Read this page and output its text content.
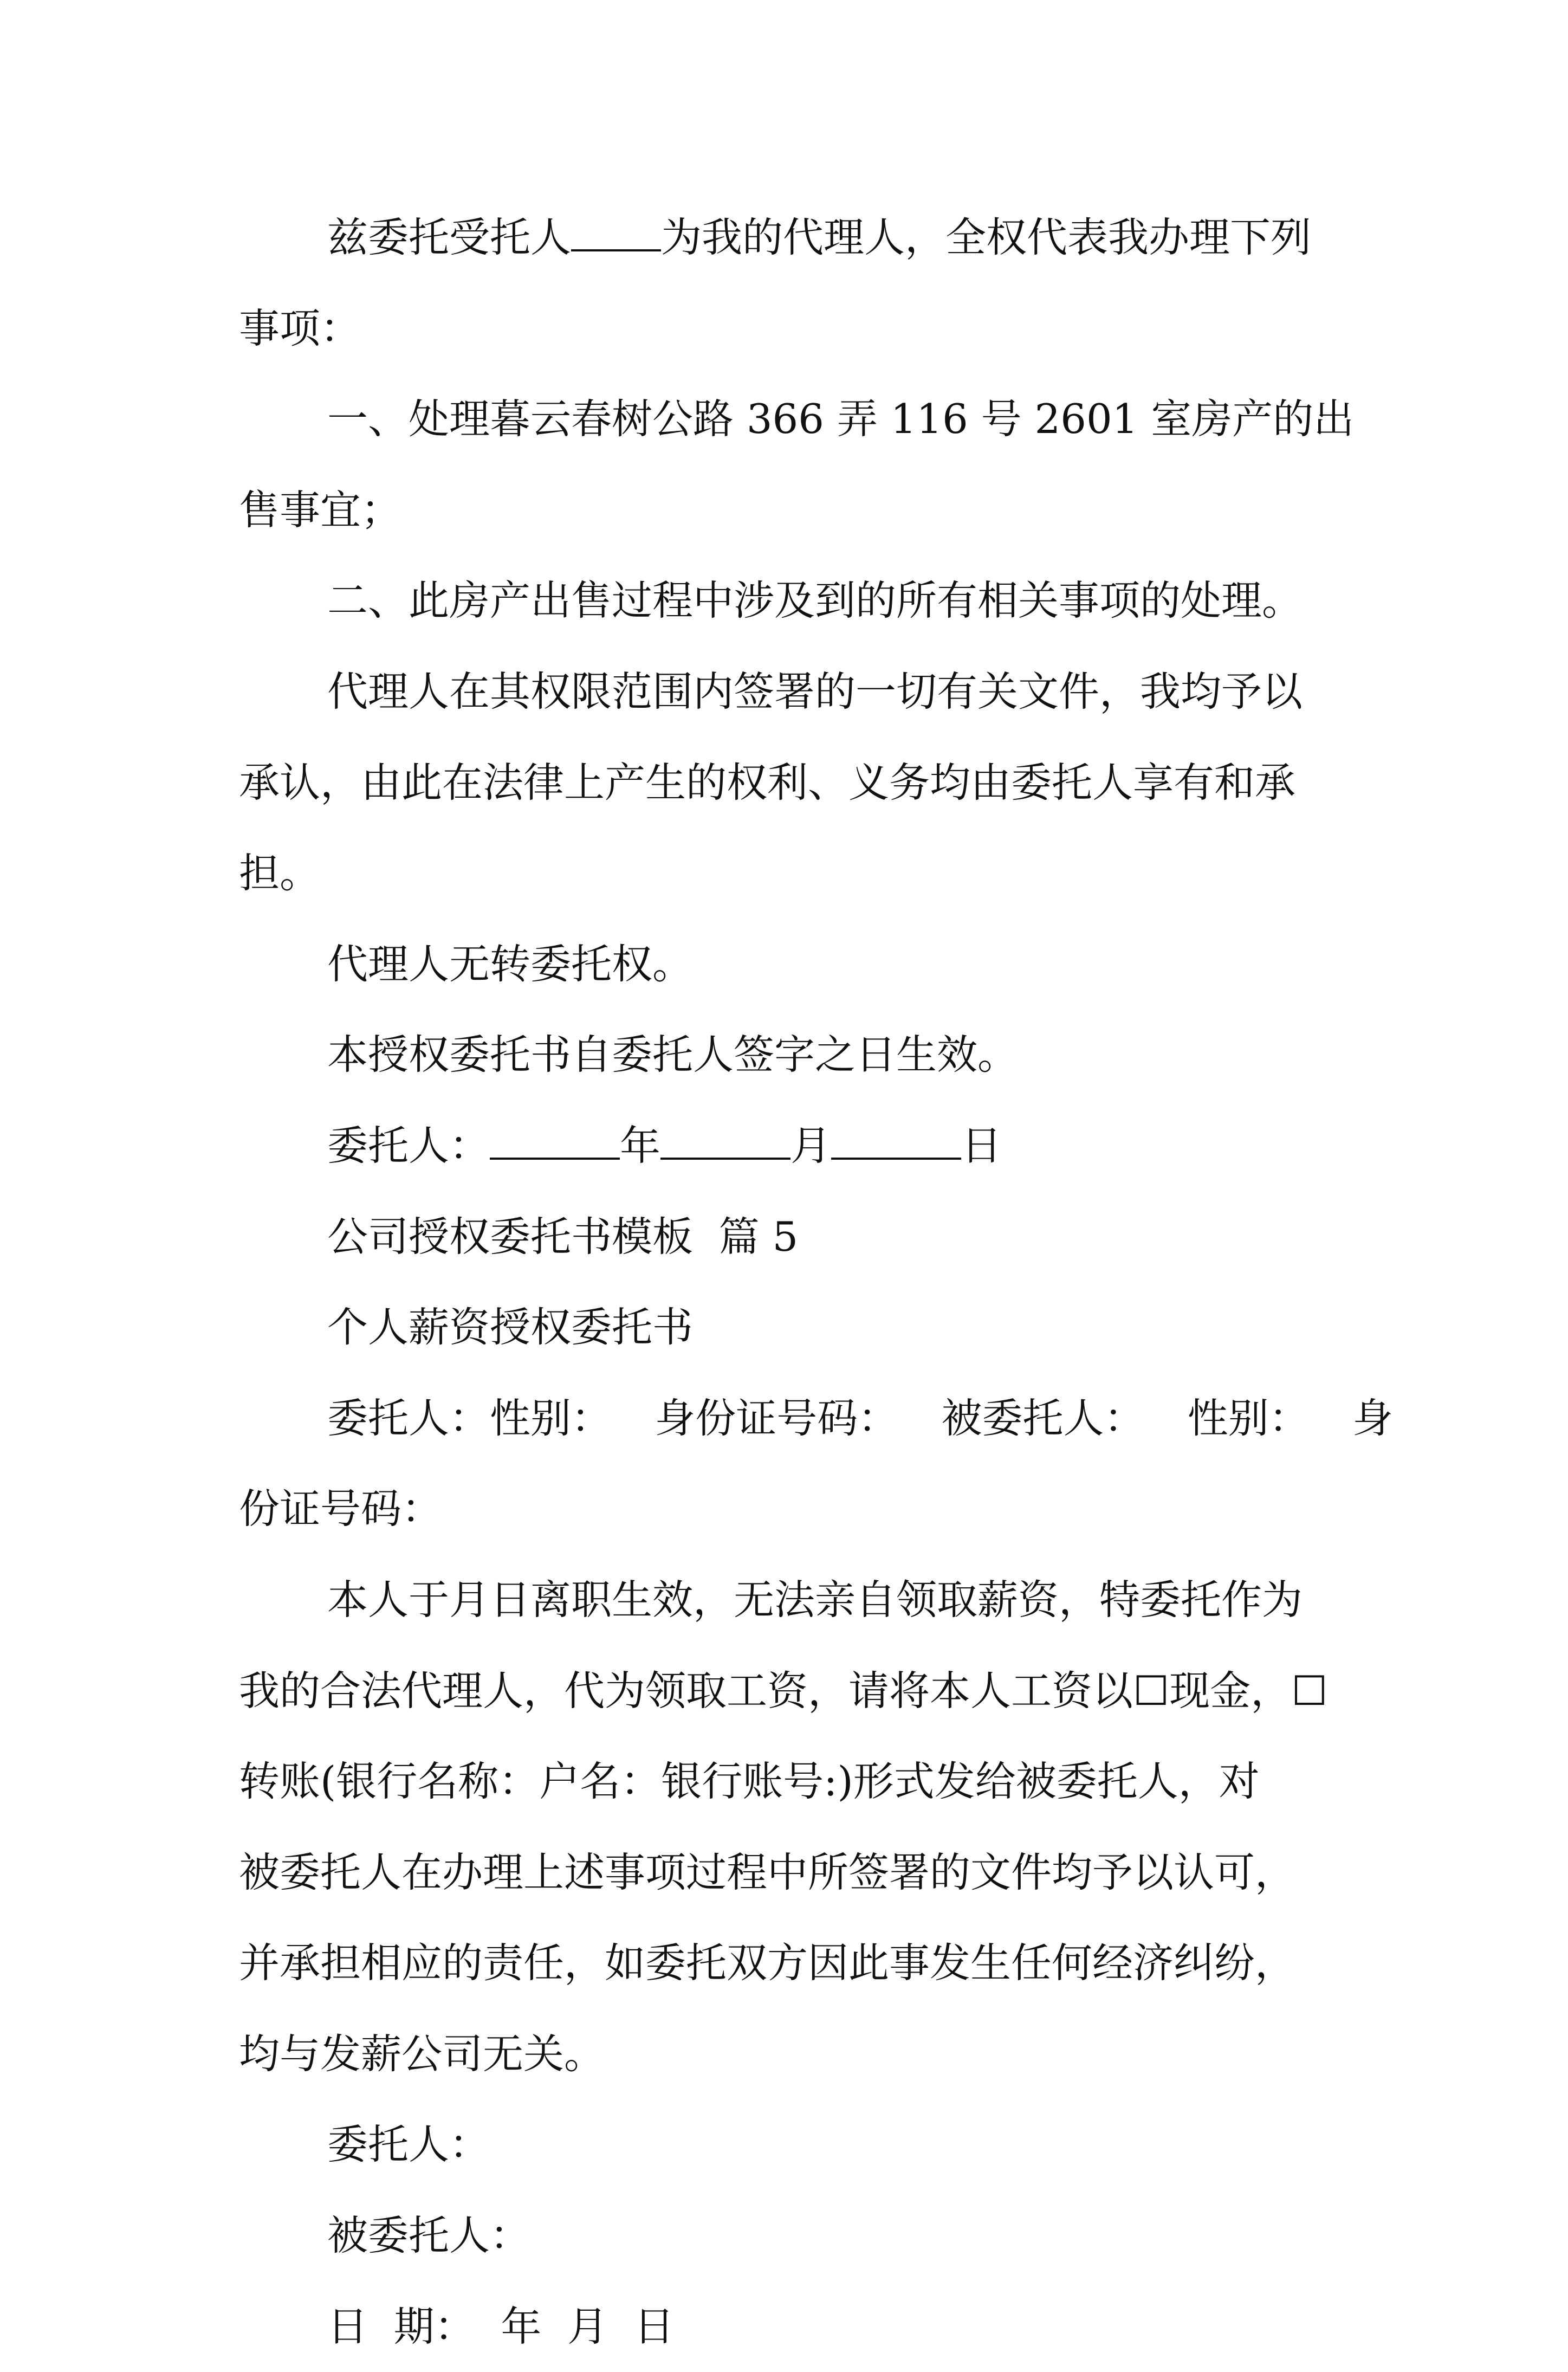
兹委托受托人 为我的代理人，全权代表我办理下列
事项：
一、处理暮云春树公路 366 弄 116 号 2601 室房产的出
售事宜；
二、此房产出售过程中涉及到的所有相关事项的处理。
代理人在其权限范围内签署的一切有关文件，我均予以
承认，由此在法律上产生的权利、义务均由委托人享有和承
担。
代理人无转委托权。
本授权委托书自委托人签字之日生效。
委托人：	年	月	日
公司授权委托书模板  篇 5
个人薪资授权委托书
委托人：性别： 身份证号码： 被委托人： 性别： 身
份证号码：
本人于月日离职生效，无法亲自领取薪资，特委托作为
我的合法代理人，代为领取工资，请将本人工资以☐现金，☐
转账(银行名称：户名：银行账号:)形式发给被委托人，对
被委托人在办理上述事项过程中所签署的文件均予以认可，
并承担相应的责任，如委托双方因此事发生任何经济纠纷，
均与发薪公司无关。
委托人：
被委托人：
日  期：  年  月  日
